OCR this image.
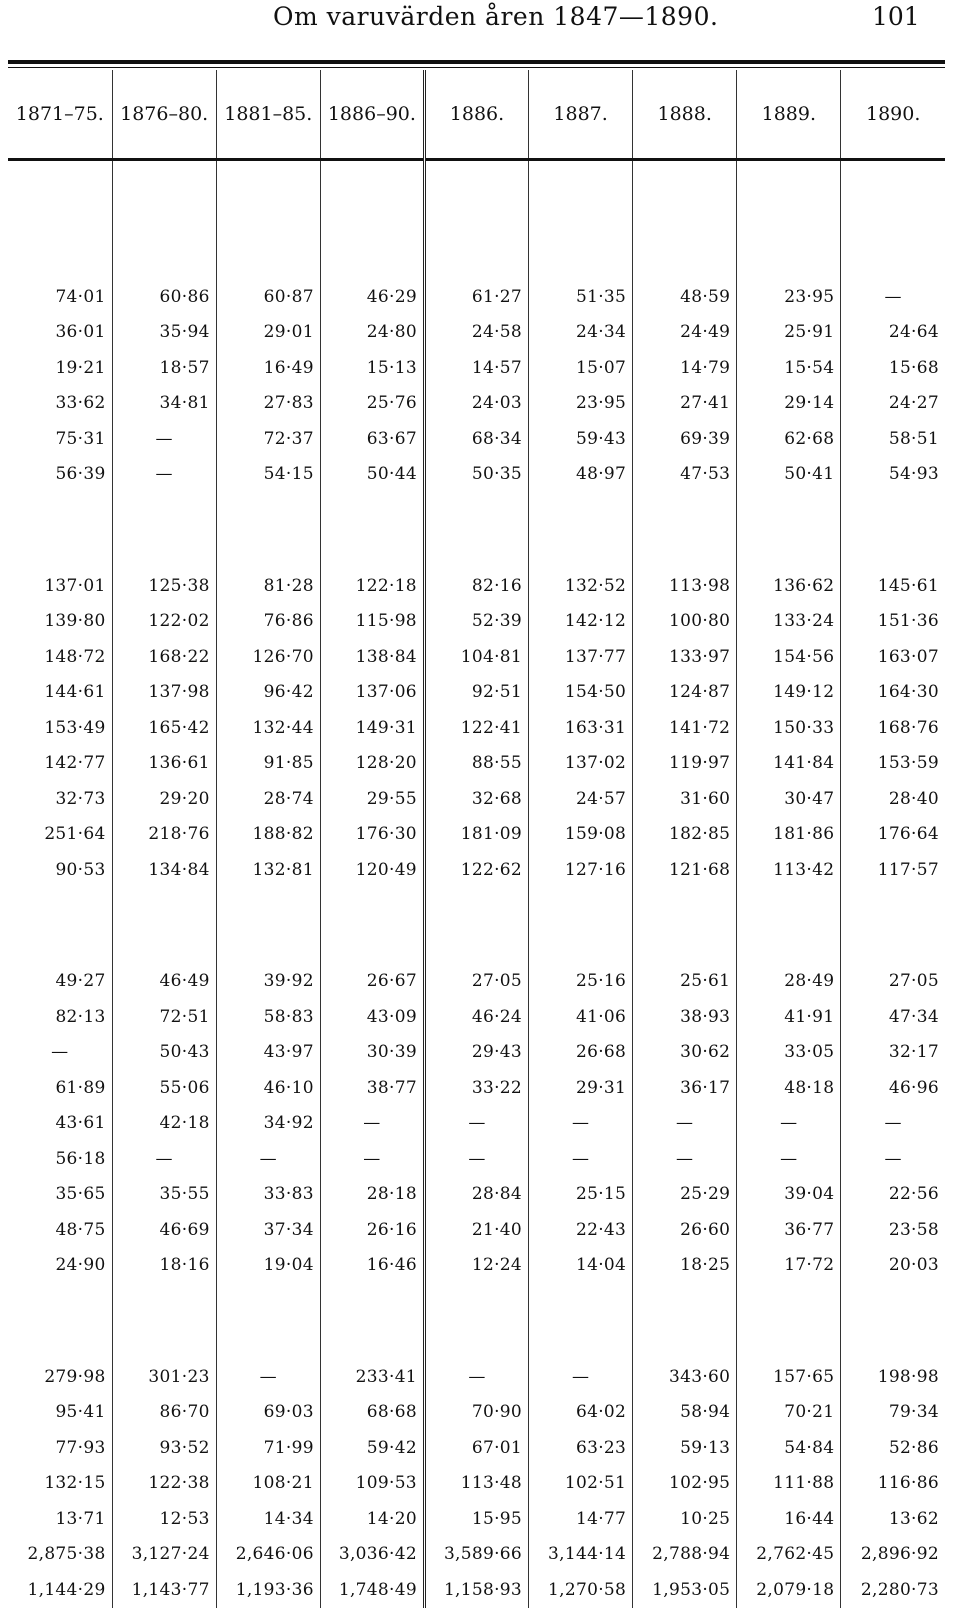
Om varuvärden åren 1847—1890.	101
1871–75.	1876–80.	1881–85.	1886–90.	1886.	1887.	1888.	1889.	1890.

74·01	60·86	60·87	46·29	61·27	51·35	48·59	23·95	—
36·01	35·94	29·01	24·80	24·58	24·34	24·49	25·91	24·64
19·21	18·57	16·49	15·13	14·57	15·07	14·79	15·54	15·68
33·62	34·81	27·83	25·76	24·03	23·95	27·41	29·14	24·27
75·31	—	72·37	63·67	68·34	59·43	69·39	62·68	58·51
56·39	—	54·15	50·44	50·35	48·97	47·53	50·41	54·93

137·01	125·38	81·28	122·18	82·16	132·52	113·98	136·62	145·61
139·80	122·02	76·86	115·98	52·39	142·12	100·80	133·24	151·36
148·72	168·22	126·70	138·84	104·81	137·77	133·97	154·56	163·07
144·61	137·98	96·42	137·06	92·51	154·50	124·87	149·12	164·30
153·49	165·42	132·44	149·31	122·41	163·31	141·72	150·33	168·76
142·77	136·61	91·85	128·20	88·55	137·02	119·97	141·84	153·59
32·73	29·20	28·74	29·55	32·68	24·57	31·60	30·47	28·40
251·64	218·76	188·82	176·30	181·09	159·08	182·85	181·86	176·64
90·53	134·84	132·81	120·49	122·62	127·16	121·68	113·42	117·57

49·27	46·49	39·92	26·67	27·05	25·16	25·61	28·49	27·05
82·13	72·51	58·83	43·09	46·24	41·06	38·93	41·91	47·34
—	50·43	43·97	30·39	29·43	26·68	30·62	33·05	32·17
61·89	55·06	46·10	38·77	33·22	29·31	36·17	48·18	46·96
43·61	42·18	34·92	—	—	—	—	—	—
56·18	—	—	—	—	—	—	—	—
35·65	35·55	33·83	28·18	28·84	25·15	25·29	39·04	22·56
48·75	46·69	37·34	26·16	21·40	22·43	26·60	36·77	23·58
24·90	18·16	19·04	16·46	12·24	14·04	18·25	17·72	20·03

279·98	301·23	—	233·41	—	—	343·60	157·65	198·98
95·41	86·70	69·03	68·68	70·90	64·02	58·94	70·21	79·34
77·93	93·52	71·99	59·42	67·01	63·23	59·13	54·84	52·86
132·15	122·38	108·21	109·53	113·48	102·51	102·95	111·88	116·86
13·71	12·53	14·34	14·20	15·95	14·77	10·25	16·44	13·62
2,875·38	3,127·24	2,646·06	3,036·42	3,589·66	3,144·14	2,788·94	2,762·45	2,896·92
1,144·29	1,143·77	1,193·36	1,748·49	1,158·93	1,270·58	1,953·05	2,079·18	2,280·73
